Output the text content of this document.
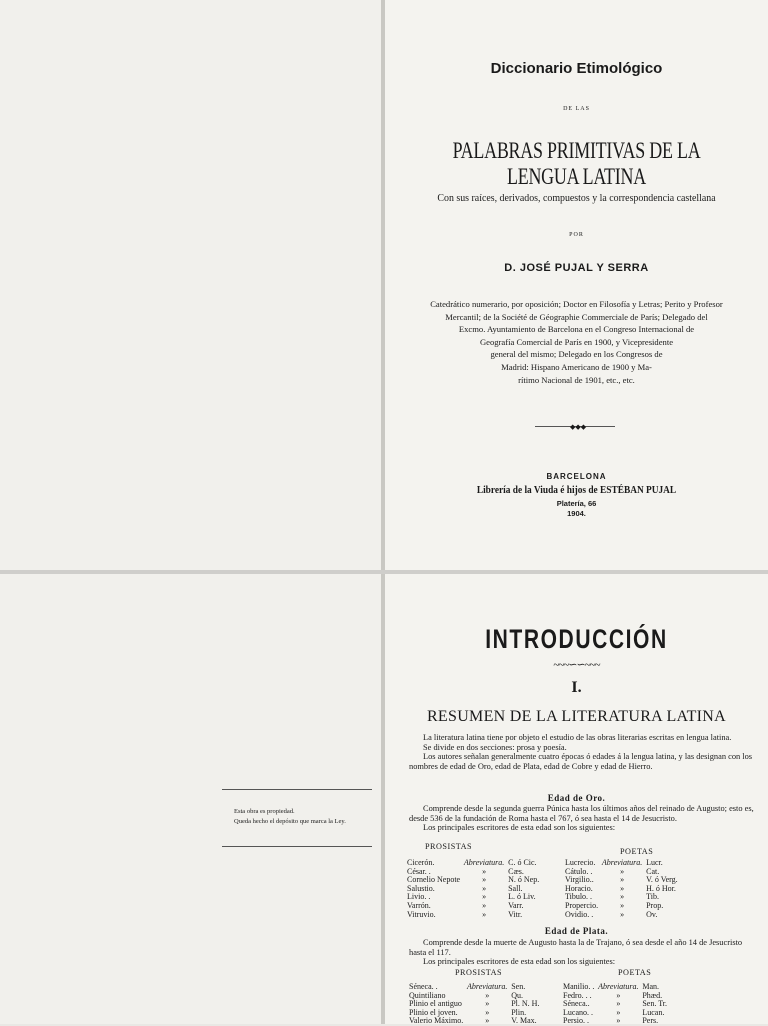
Diccionario Etimológico
DE LAS
PALABRAS PRIMITIVAS DE LA LENGUA LATINA
Con sus raíces, derivados, compuestos y la correspondencia castellana
POR
D. JOSÉ PUJAL Y SERRA
Catedrático numerario, por oposición; Doctor en Filosofía y Letras; Perito y Profesor
Mercantil; de la Société de Géographie Commerciale de París; Delegado del
Excmo. Ayuntamiento de Barcelona en el Congreso Internacional de
Geografía Comercial de París en 1900, y Vicepresidente
general del mismo; Delegado en los Congresos de
Madrid: Hispano Americano de 1900 y Ma-
rítimo Nacional de 1901, etc., etc.
◆◆◆
BARCELONA
Librería de la Viuda é hijos de ESTÉBAN PUJAL
Platería, 66
1904.
Esta obra es propiedad.
Queda hecho el depósito que marca la Ley.
INTRODUCCIÓN
~~~∽∽~~~
I.
RESUMEN DE LA LITERATURA LATINA
La literatura latina tiene por objeto el estudio de las obras literarias escritas en lengua latina.
Se divide en dos secciones: prosa y poesía.
Los autores señalan generalmente cuatro épocas ó edades á la lengua latina, y las designan con los nombres de edad de Oro, edad de Plata, edad de Cobre y edad de Hierro.
Edad de Oro.
Comprende desde la segunda guerra Púnica hasta los últimos años del reinado de Augusto; esto es, desde 536 de la fundación de Roma hasta el 767, ó sea hasta el 14 de Jesucristo.
Los principales escritores de esta edad son los siguientes:
PROSISTAS
POETAS
Cicerón.	Abreviatura.	C. ó Cic.
César. .	»	Cæs.
Cornelio Nepote	»	N. ó Nep.
Salustio.	»	Sall.
Livio. .	»	L. ó Liv.
Varrón.	»	Varr.
Vitruvio.	»	Vitr.
Lucrecio.	Abreviatura.	Lucr.
Cátulo. .	»	Cat.
Virgilio..	»	V. ó Verg.
Horacio.	»	H. ó Hor.
Tibulo. .	»	Tib.
Propercio.	»	Prop.
Ovidio. .	»	Ov.
Edad de Plata.
Comprende desde la muerte de Augusto hasta la de Trajano, ó sea desde el año 14 de Jesucristo hasta el 117.
Los principales escritores de esta edad son los siguientes:
PROSISTAS	POETAS
Séneca. .	Abreviatura.	Sen.
Quintiliano	»	Qu.
Plinio el antiguo	»	Pl. N. H.
Plinio el joven.	»	Plin.
Valerio Máximo.	»	V. Max.
Manilio. .	Abreviatura.	Man.
Fedro. . .	»	Phæd.
Séneca..	»	Sen. Tr.
Lucano. .	»	Lucan.
Persio. .	»	Pers.
